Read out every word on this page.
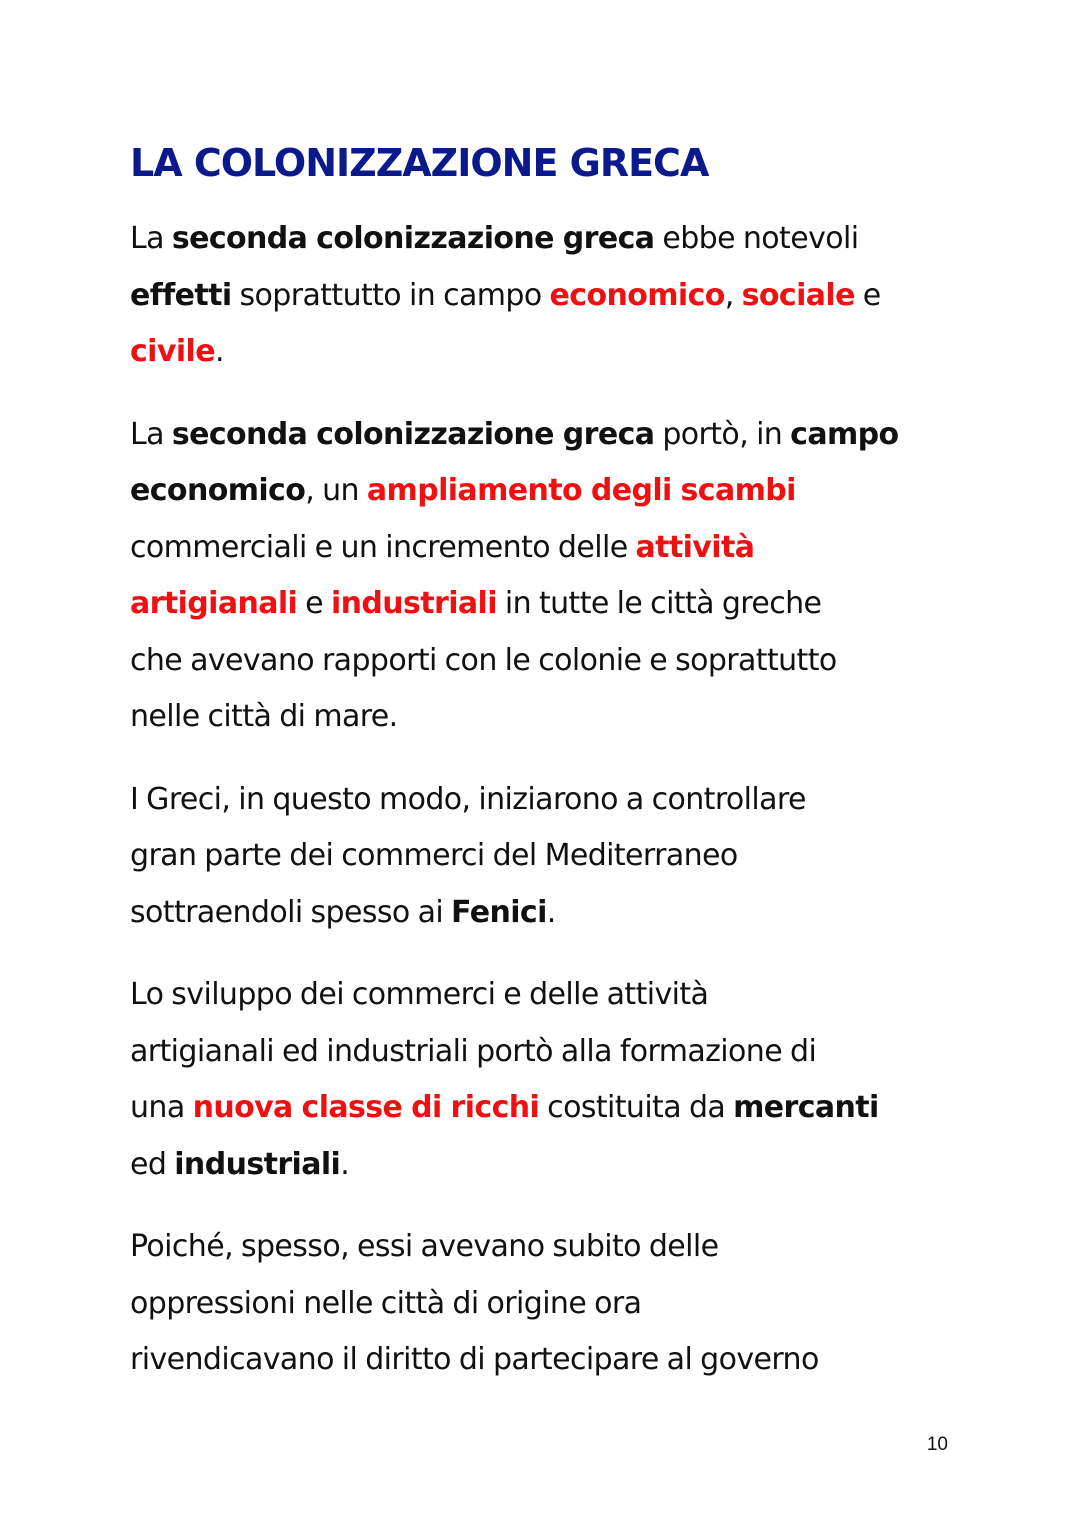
LA COLONIZZAZIONE GRECA

La seconda colonizzazione greca ebbe notevoli
effetti soprattutto in campo economico, sociale e
civile.

La seconda colonizzazione greca portò, in campo
economico, un ampliamento degli scambi
commerciali e un incremento delle attività
artigianali e industriali in tutte le città greche
che avevano rapporti con le colonie e soprattutto
nelle città di mare.

I Greci, in questo modo, iniziarono a controllare
gran parte dei commerci del Mediterraneo
sottraendoli spesso ai Fenici.

Lo sviluppo dei commerci e delle attività
artigianali ed industriali portò alla formazione di
una nuova classe di ricchi costituita da mercanti
ed industriali.

Poiché, spesso, essi avevano subito delle
oppressioni nelle città di origine ora
rivendicavano il diritto di partecipare al governo

10
